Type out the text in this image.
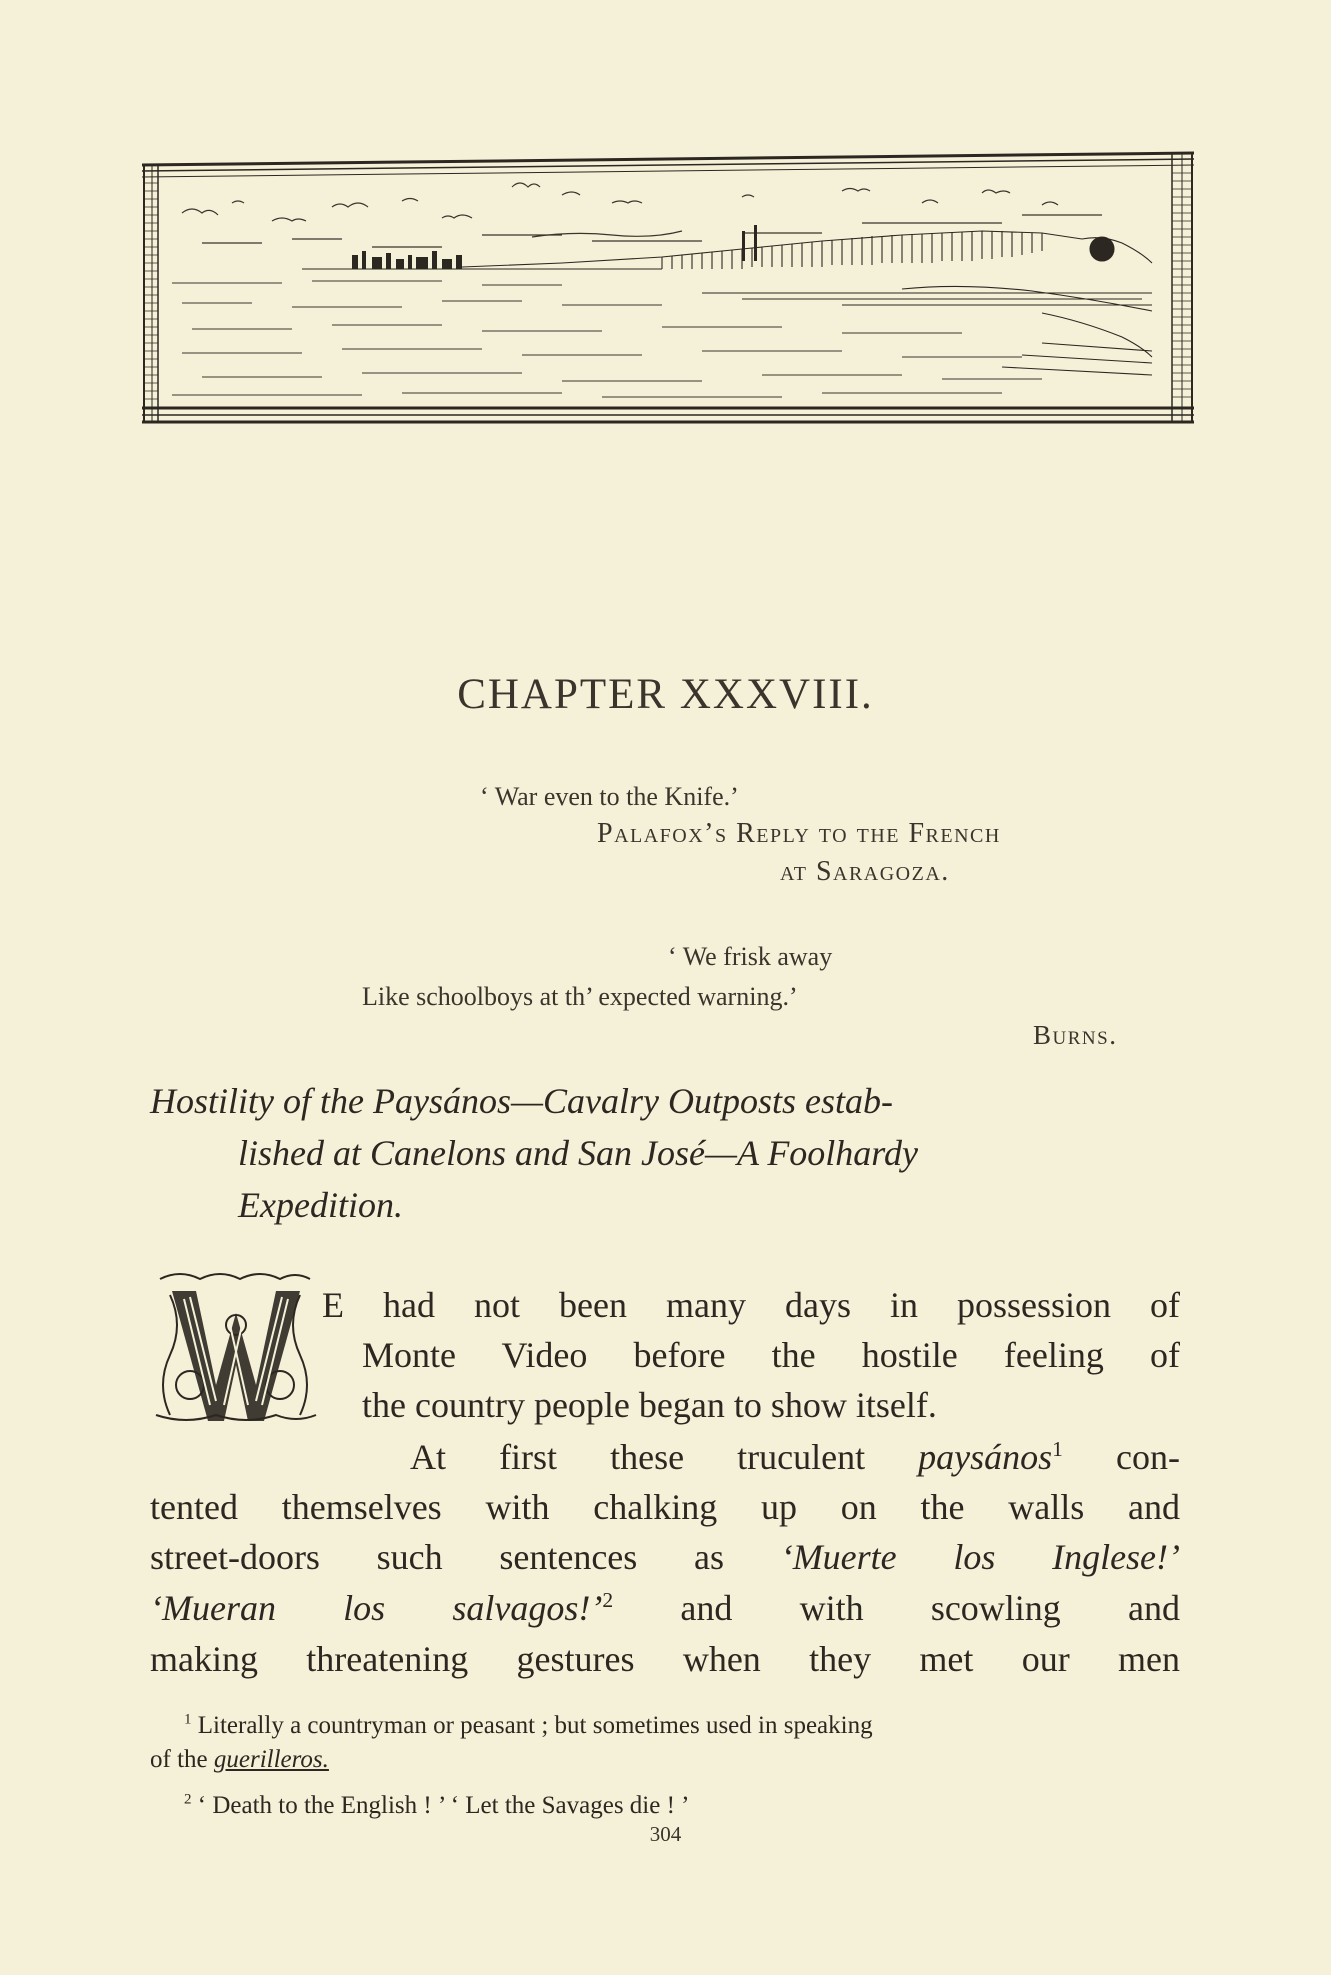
CHAPTER XXXVIII.
‘ War even to the Knife.’
Palafox’s Reply to the French
at Saragoza.
‘ We frisk away
Like schoolboys at th’ expected warning.’
Burns.
Hostility of the Paysános—Cavalry Outposts estab-
lished at Canelons and San José—A Foolhardy
Expedition.
E had not been many days in possession of
Monte Video before the hostile feeling of
the country people began to show itself.
At first these truculent paysános$^1$ con-
tented themselves with chalking up on the walls and
street-doors such sentences as ‘Muerte los Inglese!’
‘Mueran los salvagos!’$^2$ and with scowling and
making threatening gestures when they met our men
$^1$ Literally a countryman or peasant ; but sometimes used in speaking
of the guerilleros.
$^2$ ‘ Death to the English ! ’ ‘ Let the Savages die ! ’
304
